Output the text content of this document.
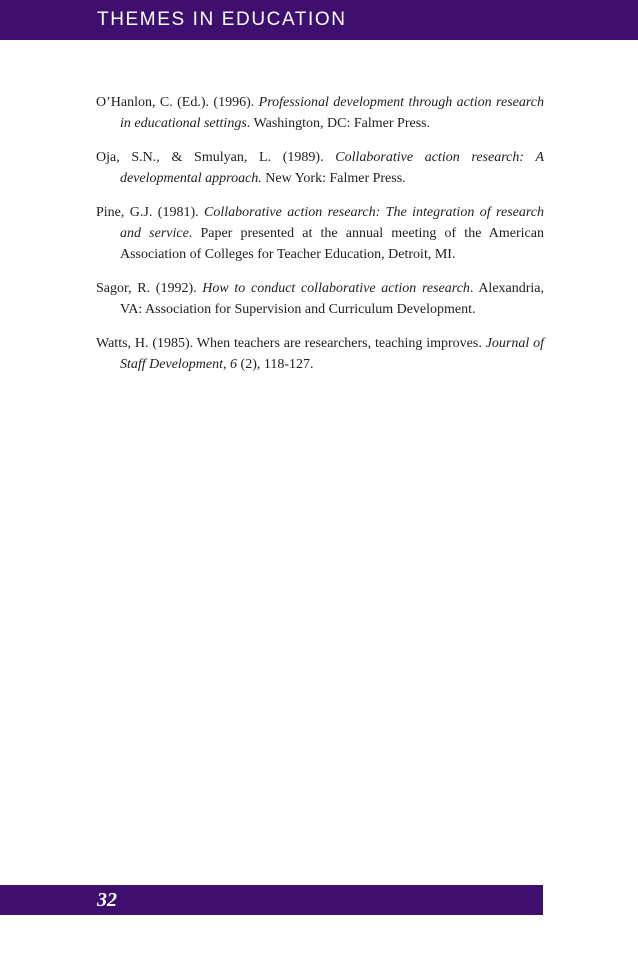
THEMES IN EDUCATION

O’Hanlon, C. (Ed.). (1996). Professional development through action research in educational settings. Washington, DC: Falmer Press.

Oja, S.N., & Smulyan, L. (1989). Collaborative action research: A developmental approach. New York: Falmer Press.

Pine, G.J. (1981). Collaborative action research: The integration of research and service. Paper presented at the annual meeting of the American Association of Colleges for Teacher Education, Detroit, MI.

Sagor, R. (1992). How to conduct collaborative action research. Alexandria, VA: Association for Supervision and Curriculum Development.

Watts, H. (1985). When teachers are researchers, teaching improves. Journal of Staff Development, 6 (2), 118-127.

32
